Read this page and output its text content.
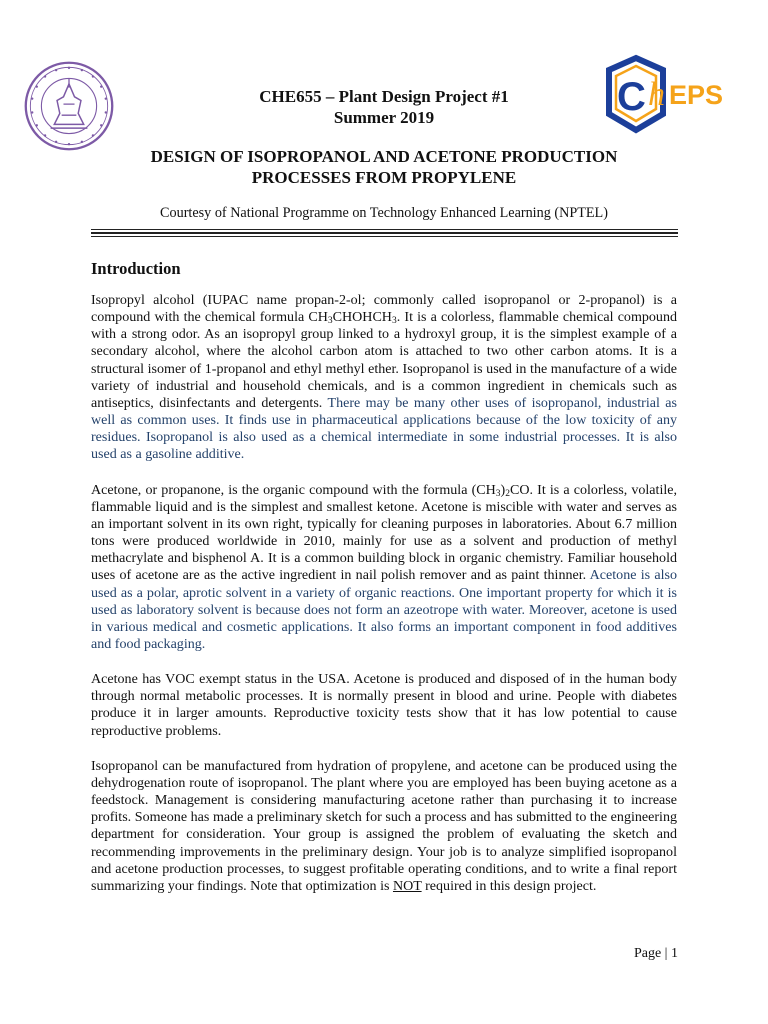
C h EPS
CHE655 – Plant Design Project #1
Summer 2019
DESIGN OF ISOPROPANOL AND ACETONE PRODUCTION
PROCESSES FROM PROPYLENE
Courtesy of National Programme on Technology Enhanced Learning (NPTEL)
Introduction

Isopropyl alcohol (IUPAC name propan-2-ol; commonly called isopropanol or 2-propanol) is a compound with the chemical formula $CH_3CHOHCH_3$. It is a colorless, flammable chemical compound with a strong odor. As an isopropyl group linked to a hydroxyl group, it is the simplest example of a secondary alcohol, where the alcohol carbon atom is attached to two other carbon atoms. It is a structural isomer of 1-propanol and ethyl methyl ether. Isopropanol is used in the manufacture of a wide variety of industrial and household chemicals, and is a common ingredient in chemicals such as antiseptics, disinfectants and detergents. There may be many other uses of isopropanol, industrial as well as common uses. It finds use in pharmaceutical applications because of the low toxicity of any residues. Isopropanol is also used as a chemical intermediate in some industrial processes. It is also used as a gasoline additive.

Acetone, or propanone, is the organic compound with the formula $(CH_3)_2CO$. It is a colorless, volatile, flammable liquid and is the simplest and smallest ketone. Acetone is miscible with water and serves as an important solvent in its own right, typically for cleaning purposes in laboratories. About 6.7 million tons were produced worldwide in 2010, mainly for use as a solvent and production of methyl methacrylate and bisphenol A. It is a common building block in organic chemistry. Familiar household uses of acetone are as the active ingredient in nail polish remover and as paint thinner. Acetone is also used as a polar, aprotic solvent in a variety of organic reactions. One important property for which it is used as laboratory solvent is because does not form an azeotrope with water. Moreover, acetone is used in various medical and cosmetic applications. It also forms an important component in food additives and food packaging.

Acetone has VOC exempt status in the USA. Acetone is produced and disposed of in the human body through normal metabolic processes. It is normally present in blood and urine. People with diabetes produce it in larger amounts. Reproductive toxicity tests show that it has low potential to cause reproductive problems.

Isopropanol can be manufactured from hydration of propylene, and acetone can be produced using the dehydrogenation route of isopropanol. The plant where you are employed has been buying acetone as a feedstock. Management is considering manufacturing acetone rather than purchasing it to increase profits. Someone has made a preliminary sketch for such a process and has submitted to the engineering department for consideration. Your group is assigned the problem of evaluating the sketch and recommending improvements in the preliminary design. Your job is to analyze simplified isopropanol and acetone production processes, to suggest profitable operating conditions, and to write a final report summarizing your findings. Note that optimization is NOT required in this design project.

Page | 1
